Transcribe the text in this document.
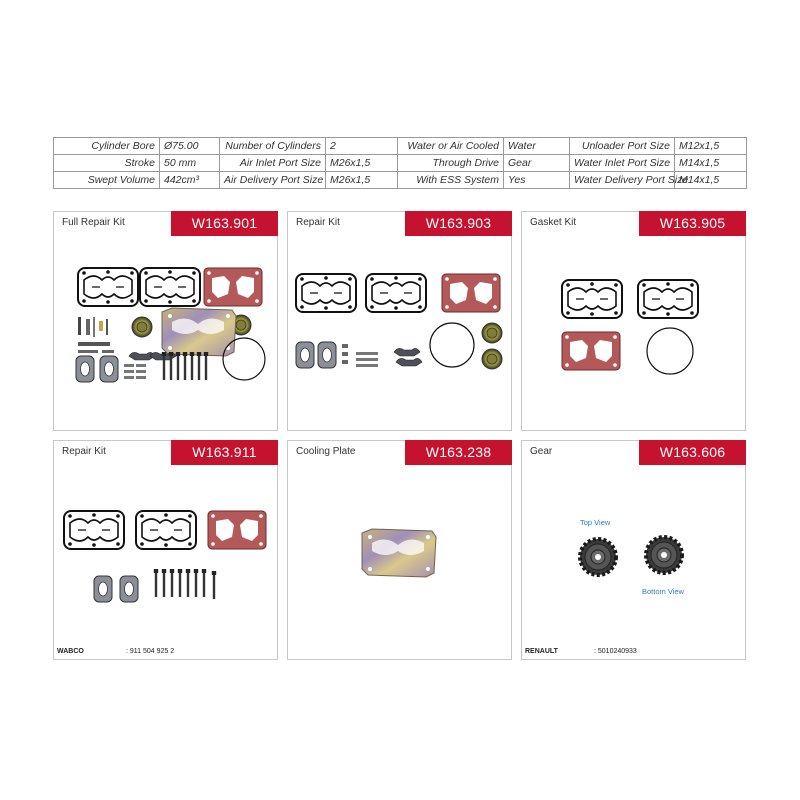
Cylinder Bore	Ø75.00	Number of Cylinders	2	Water or Air Cooled	Water	Unloader Port Size	M12x1,5
Stroke	50 mm	Air Inlet Port Size	M26x1,5	Through Drive	Gear	Water Inlet Port Size	M14x1,5
Swept Volume	442cm³	Air Delivery Port Size	M26x1,5	With ESS System	Yes	Water Delivery Port Size	M14x1,5
Full Repair Kit	W163.901	Repair Kit	W163.903	Gasket Kit	W163.905
Repair Kit	W163.911
WABCO	: 911 504 925 2
Cooling Plate	W163.238	Gear	W163.606
Top View
Bottom View
RENAULT	: 5010240933
